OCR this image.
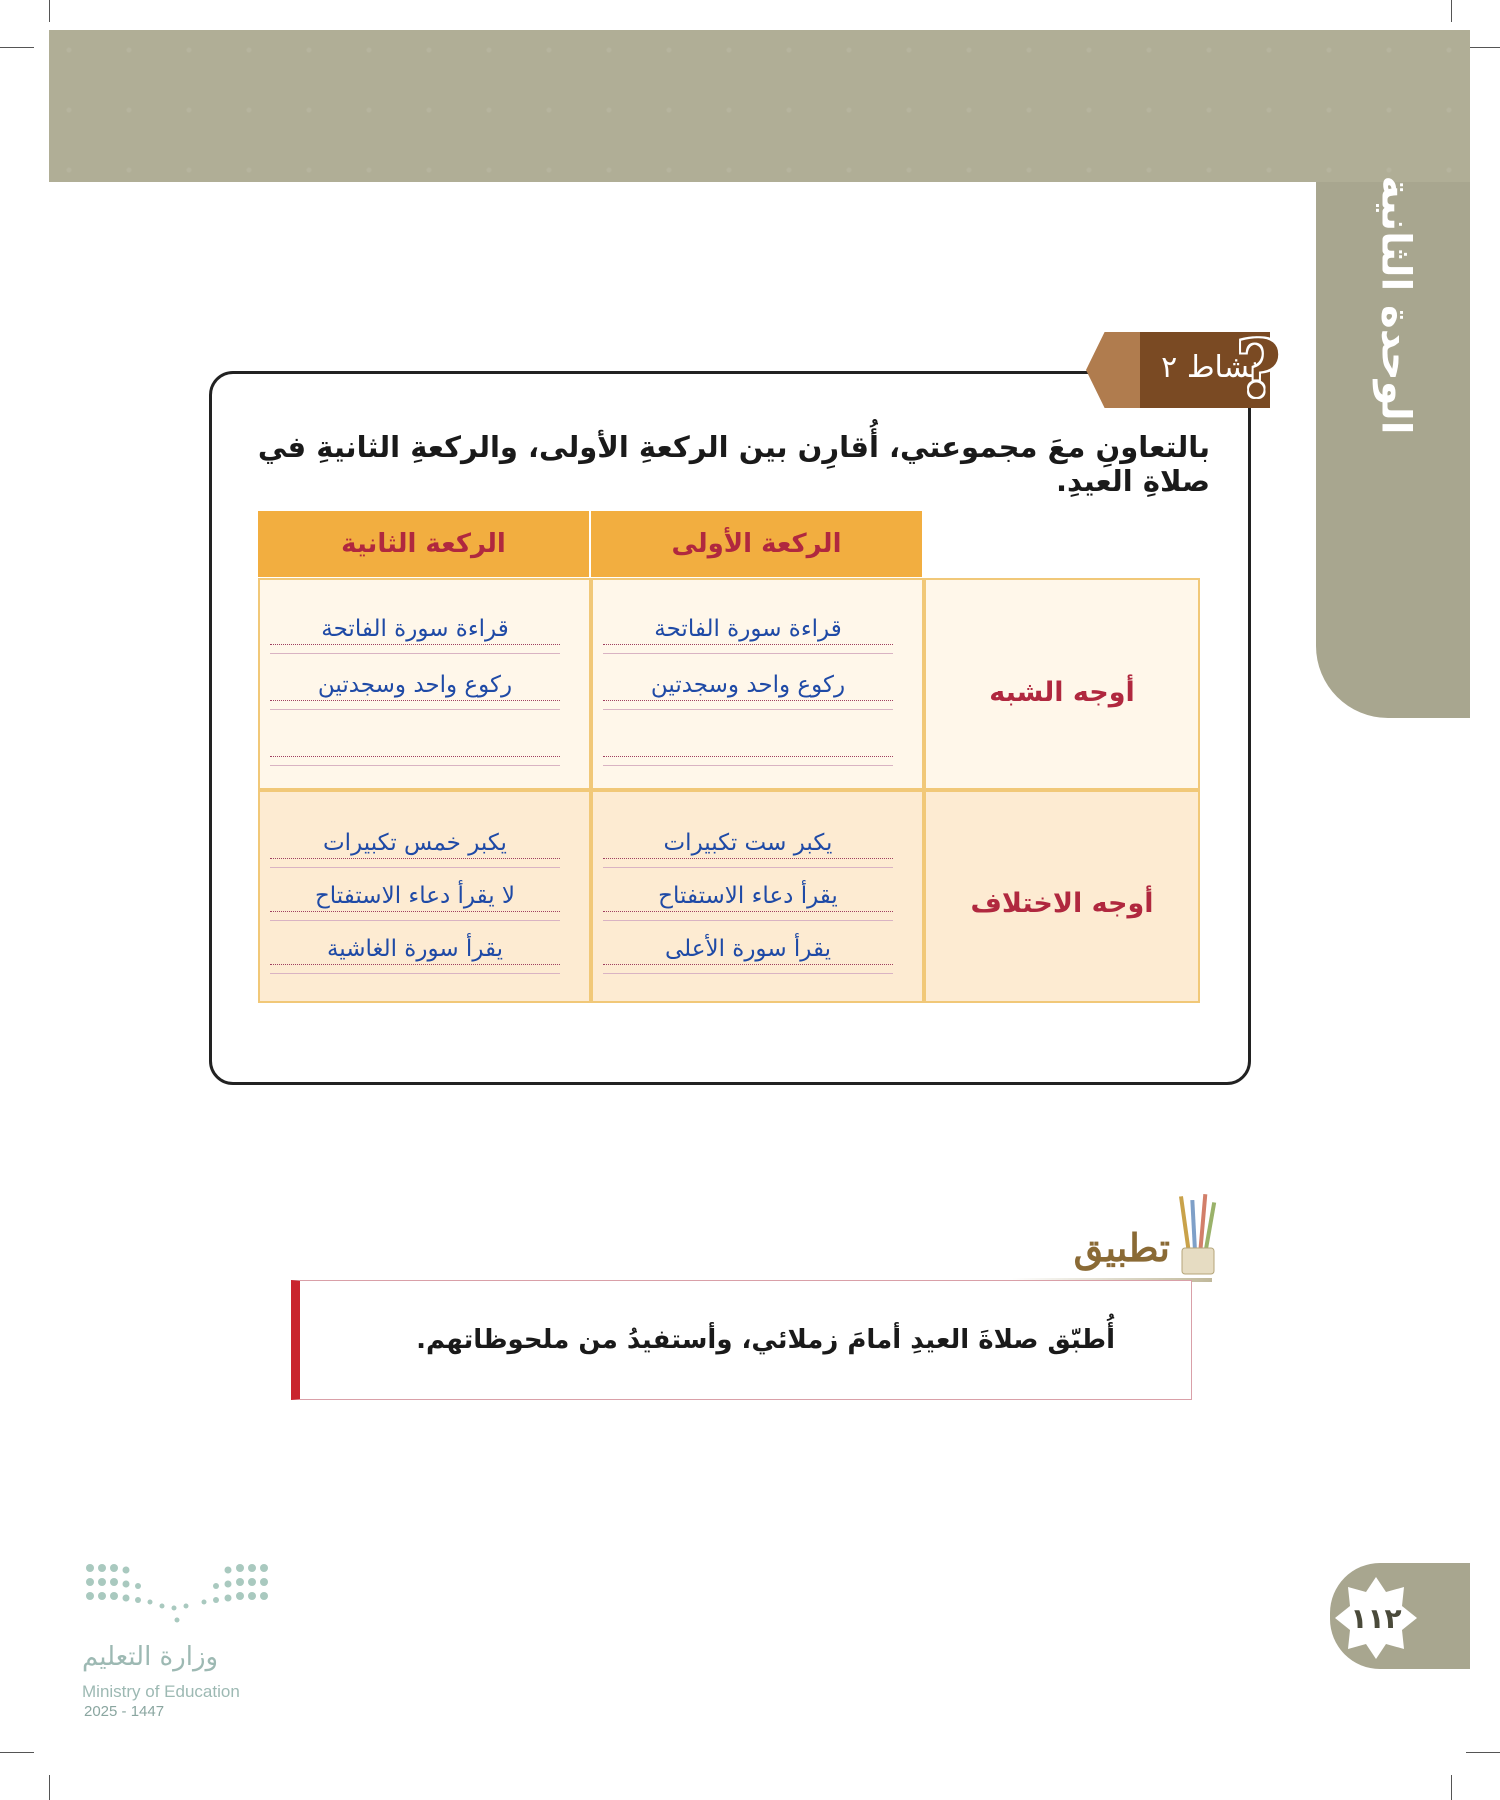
الوحدة الثانية
نشاط ٢
?
بالتعاونِ معَ مجموعتي، أُقارِن بين الركعةِ الأولى، والركعةِ الثانيةِ في صلاةِ العيدِ.
الركعة الأولى
الركعة الثانية
أوجه الشبه
قراءة سورة الفاتحة
ركوع واحد وسجدتين
قراءة سورة الفاتحة
ركوع واحد وسجدتين
أوجه الاختلاف
يكبر ست تكبيرات
يقرأ دعاء الاستفتاح
يقرأ سورة الأعلى
يكبر خمس تكبيرات
لا يقرأ دعاء الاستفتاح
يقرأ سورة الغاشية
تطبيق
أُطبّق صلاةَ العيدِ أمامَ زملائي، وأستفيدُ من ملحوظاتهم.
١١٢
وزارة التعليم
Ministry of Education
2025 - 1447
